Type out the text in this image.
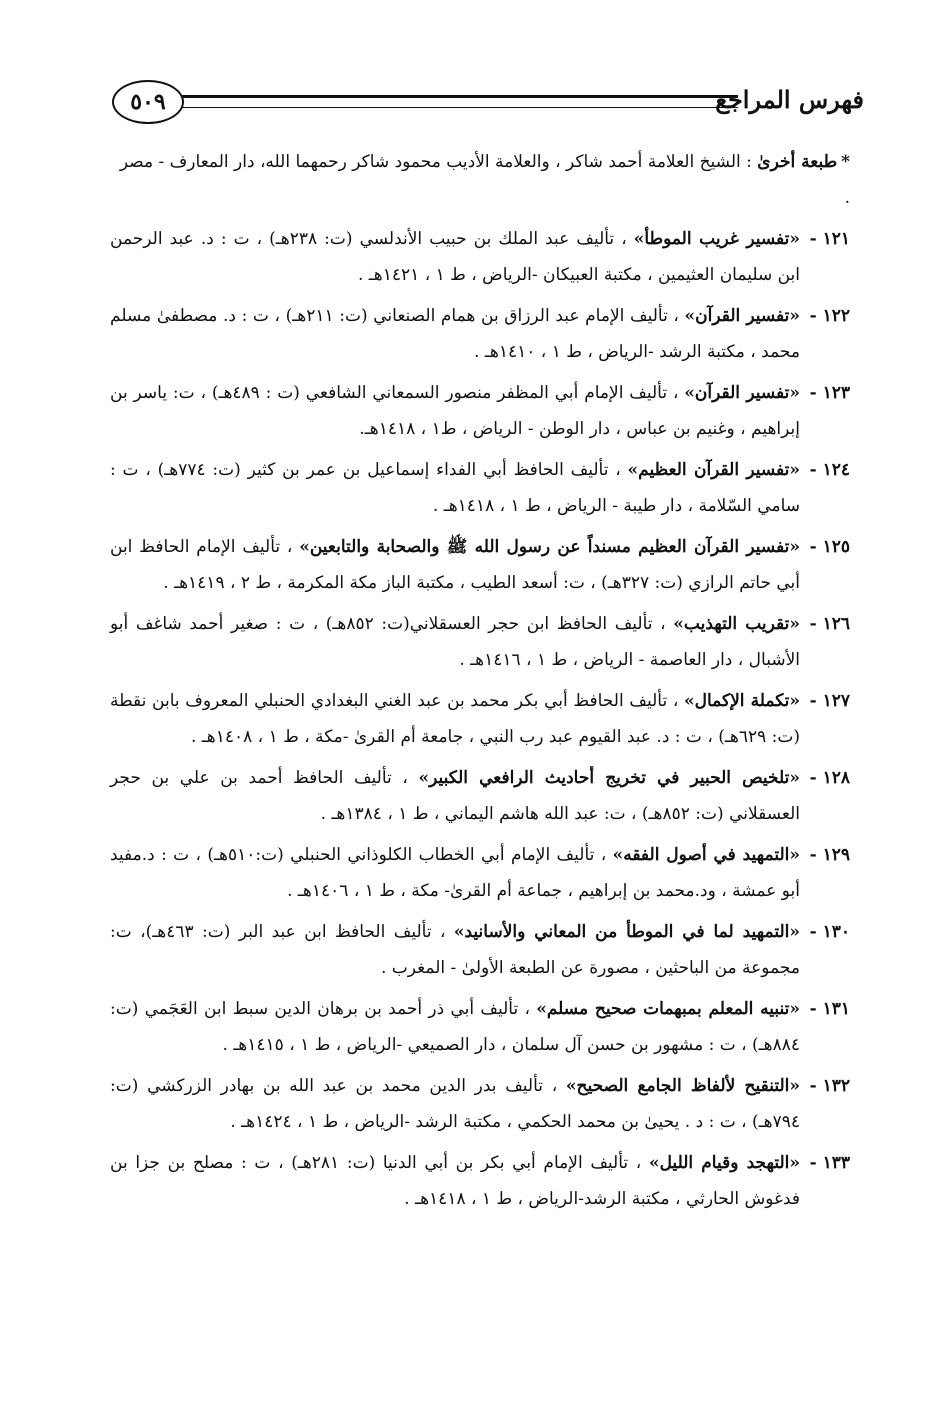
٥٠٩	فهرس المراجع
*طبعة أخرىٰ : الشيخ العلامة أحمد شاكر ، والعلامة الأديب محمود شاكر رحمهما الله، دار المعارف - مصر .
١٢١ -
«تفسير غريب الموطأ» ، تأليف عبد الملك بن حبيب الأندلسي (ت: ٢٣٨هـ) ، ت : د. عبد الرحمن ابن سليمان العثيمين ، مكتبة العبيكان -الرياض ، ط ١ ، ١٤٢١هـ .
١٢٢ -
«تفسير القرآن» ، تأليف الإمام عبد الرزاق بن همام الصنعاني (ت: ٢١١هـ) ، ت : د. مصطفىٰ مسلم محمد ، مكتبة الرشد -الرياض ، ط ١ ، ١٤١٠هـ .
١٢٣ -
«تفسير القرآن» ، تأليف الإمام أبي المظفر منصور السمعاني الشافعي (ت : ٤٨٩هـ) ، ت: ياسر بن إبراهيم ، وغنيم بن عباس ، دار الوطن - الرياض ، ط١ ، ١٤١٨هـ.
١٢٤ -
«تفسير القرآن العظيم» ، تأليف الحافظ أبي الفداء إسماعيل بن عمر بن كثير (ت: ٧٧٤هـ) ، ت : سامي السّلامة ، دار طيبة - الرياض ، ط ١ ، ١٤١٨هـ .
١٢٥ -
«تفسير القرآن العظيم مسنداً عن رسول الله ﷺ والصحابة والتابعين» ، تأليف الإمام الحافظ ابن أبي حاتم الرازي (ت: ٣٢٧هـ) ، ت: أسعد الطيب ، مكتبة الباز مكة المكرمة ، ط ٢ ، ١٤١٩هـ .
١٢٦ -
«تقريب التهذيب» ، تأليف الحافظ ابن حجر العسقلاني(ت: ٨٥٢هـ) ، ت : صغير أحمد شاغف أبو الأشبال ، دار العاصمة - الرياض ، ط ١ ، ١٤١٦هـ .
١٢٧ -
«تكملة الإكمال» ، تأليف الحافظ أبي بكر محمد بن عبد الغني البغدادي الحنبلي المعروف بابن نقطة (ت: ٦٢٩هـ) ، ت : د. عبد القيوم عبد رب النبي ، جامعة أم القرىٰ -مكة ، ط ١ ، ١٤٠٨هـ .
١٢٨ -
«تلخيص الحبير في تخريج أحاديث الرافعي الكبير» ، تأليف الحافظ أحمد بن علي بن حجر العسقلاني (ت: ٨٥٢هـ) ، ت: عبد الله هاشم اليماني ، ط ١ ، ١٣٨٤هـ .
١٢٩ -
«التمهيد في أصول الفقه» ، تأليف الإمام أبي الخطاب الكلوذاني الحنبلي (ت:٥١٠هـ) ، ت : د.مفيد أبو عمشة ، ود.محمد بن إبراهيم ، جماعة أم القرىٰ- مكة ، ط ١ ، ١٤٠٦هـ .
١٣٠ -
«التمهيد لما في الموطأ من المعاني والأسانيد» ، تأليف الحافظ ابن عبد البر (ت: ٤٦٣هـ)، ت: مجموعة من الباحثين ، مصورة عن الطبعة الأولىٰ - المغرب .
١٣١ -
«تنبيه المعلم بمبهمات صحيح مسلم» ، تأليف أبي ذر أحمد بن برهان الدين سبط ابن العَجَمي (ت: ٨٨٤هـ) ، ت : مشهور بن حسن آل سلمان ، دار الصميعي -الرياض ، ط ١ ، ١٤١٥هـ .
١٣٢ -
«التنقيح لألفاظ الجامع الصحيح» ، تأليف بدر الدين محمد بن عبد الله بن بهادر الزركشي (ت: ٧٩٤هـ) ، ت : د . يحيىٰ بن محمد الحكمي ، مكتبة الرشد -الرياض ، ط ١ ، ١٤٢٤هـ .
١٣٣ -
«التهجد وقيام الليل» ، تأليف الإمام أبي بكر بن أبي الدنيا (ت: ٢٨١هـ) ، ت : مصلح بن جزا بن فدغوش الحارثي ، مكتبة الرشد-الرياض ، ط ١ ، ١٤١٨هـ .
